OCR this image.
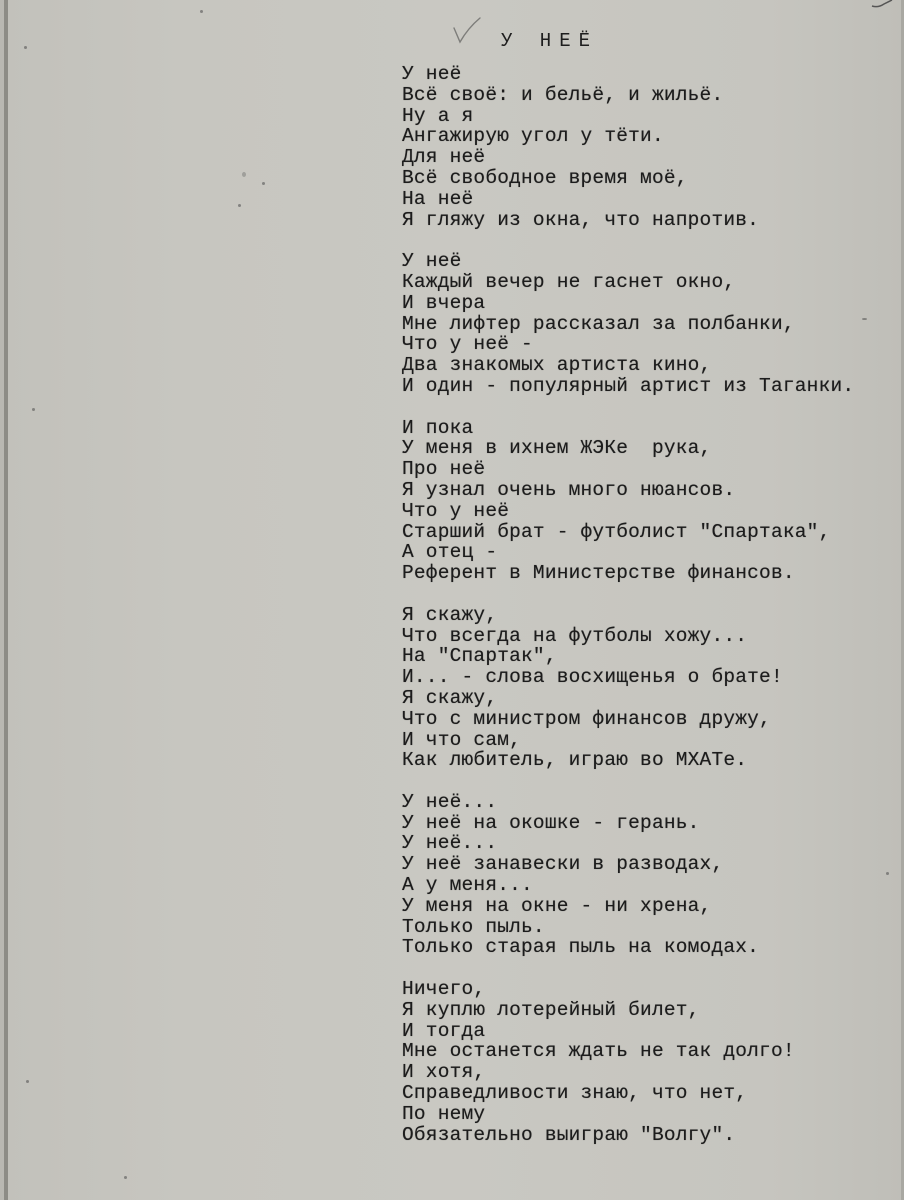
У НЕЁ
У неё
Всё своё: и бельё, и жильё.
Ну а я
Ангажирую угол у тёти.
Для неё
Всё свободное время моё,
На неё
Я гляжу из окна, что напротив.
У неё
Каждый вечер не гаснет окно,
И вчера
Мне лифтер рассказал за полбанки,
Что у неё -
Два знакомых артиста кино,
И один - популярный артист из Таганки.
И пока
У меня в ихнем ЖЭКе  рука,
Про неё
Я узнал очень много нюансов.
Что у неё
Старший брат - футболист "Спартака",
А отец -
Референт в Министерстве финансов.
Я скажу,
Что всегда на футболы хожу...
На "Спартак",
И... - слова восхищенья о брате!
Я скажу,
Что с министром финансов дружу,
И что сам,
Как любитель, играю во МХАТе.
У неё...
У неё на окошке - герань.
У неё...
У неё занавески в разводах,
А у меня...
У меня на окне - ни хрена,
Только пыль.
Только старая пыль на комодах.
Ничего,
Я куплю лотерейный билет,
И тогда
Мне останется ждать не так долго!
И хотя,
Справедливости знаю, что нет,
По нему
Обязательно выиграю "Волгу".
